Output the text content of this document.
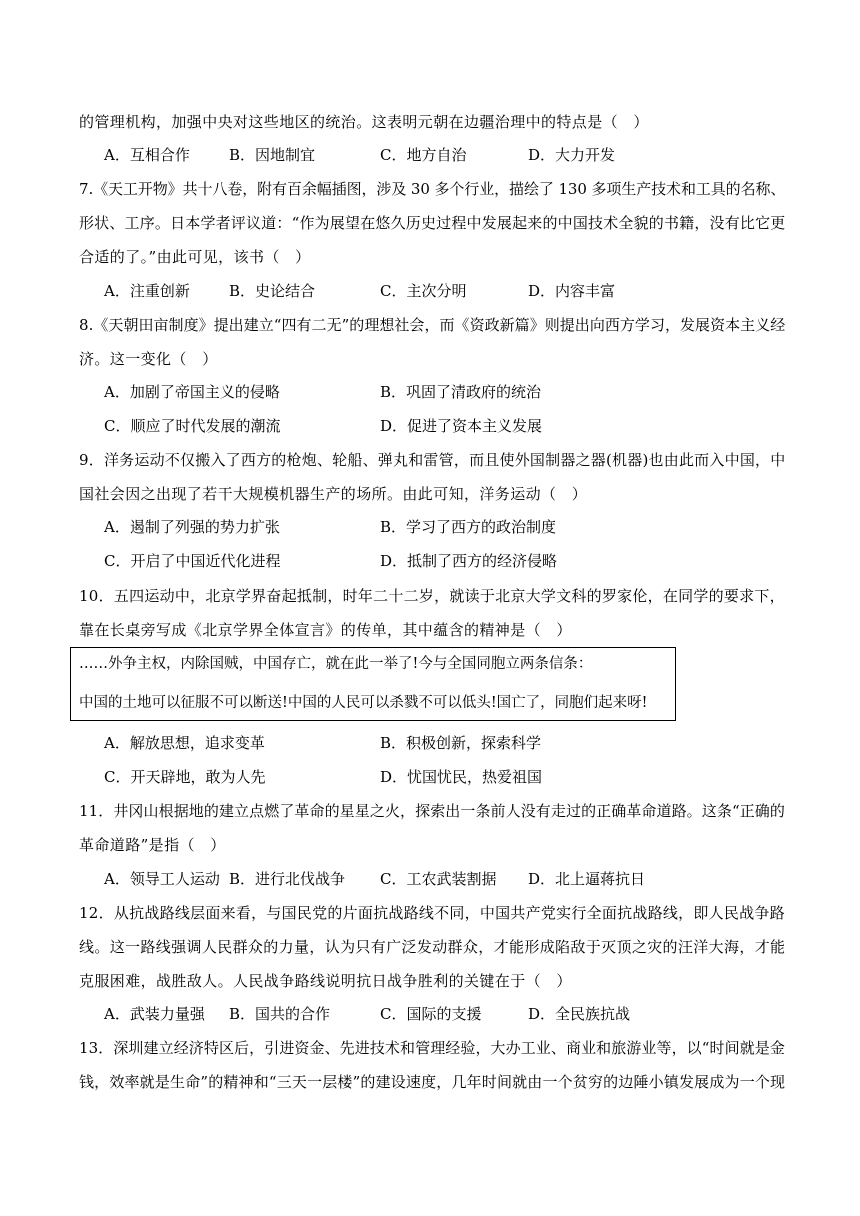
的管理机构，加强中央对这些地区的统治。这表明元朝在边疆治理中的特点是（　）
A．互相合作	B．因地制宜	C．地方自治	D．大力开发
7.《天工开物》共十八卷，附有百余幅插图，涉及 30 多个行业，描绘了 130 多项生产技术和工具的名称、
形状、工序。日本学者评议道：“作为展望在悠久历史过程中发展起来的中国技术全貌的书籍，没有比它更
合适的了。”由此可见，该书（　）
A．注重创新	B．史论结合	C．主次分明	D．内容丰富
8.《天朝田亩制度》提出建立“四有二无”的理想社会，而《资政新篇》则提出向西方学习，发展资本主义经
济。这一变化（　）
A．加剧了帝国主义的侵略	B．巩固了清政府的统治
C．顺应了时代发展的潮流	D．促进了资本主义发展
9．洋务运动不仅搬入了西方的枪炮、轮船、弹丸和雷管，而且使外国制器之器(机器)也由此而入中国，中
国社会因之出现了若干大规模机器生产的场所。由此可知，洋务运动（　）
A．遏制了列强的势力扩张	B．学习了西方的政治制度
C．开启了中国近代化进程	D．抵制了西方的经济侵略
10．五四运动中，北京学界奋起抵制，时年二十二岁，就读于北京大学文科的罗家伦，在同学的要求下，
靠在长桌旁写成《北京学界全体宣言》的传单，其中蕴含的精神是（　）
……外争主权，内除国贼，中国存亡，就在此一举了!今与全国同胞立两条信条：
中国的土地可以征服不可以断送!中国的人民可以杀戮不可以低头!国亡了，同胞们起来呀!
A．解放思想，追求变革	B．积极创新，探索科学
C．开天辟地，敢为人先	D．忧国忧民，热爱祖国
11．井冈山根据地的建立点燃了革命的星星之火，探索出一条前人没有走过的正确革命道路。这条“正确的
革命道路”是指（　）
A．领导工人运动 B．进行北伐战争 C．工农武装割据 D．北上逼蒋抗日
12．从抗战路线层面来看，与国民党的片面抗战路线不同，中国共产党实行全面抗战路线，即人民战争路
线。这一路线强调人民群众的力量，认为只有广泛发动群众，才能形成陷敌于灭顶之灾的汪洋大海，才能
克服困难，战胜敌人。人民战争路线说明抗日战争胜利的关键在于（　）
A．武装力量强 B．国共的合作	C．国际的支援	D．全民族抗战
13．深圳建立经济特区后，引进资金、先进技术和管理经验，大办工业、商业和旅游业等，以“时间就是金
钱，效率就是生命”的精神和“三天一层楼”的建设速度，几年时间就由一个贫穷的边陲小镇发展成为一个现
